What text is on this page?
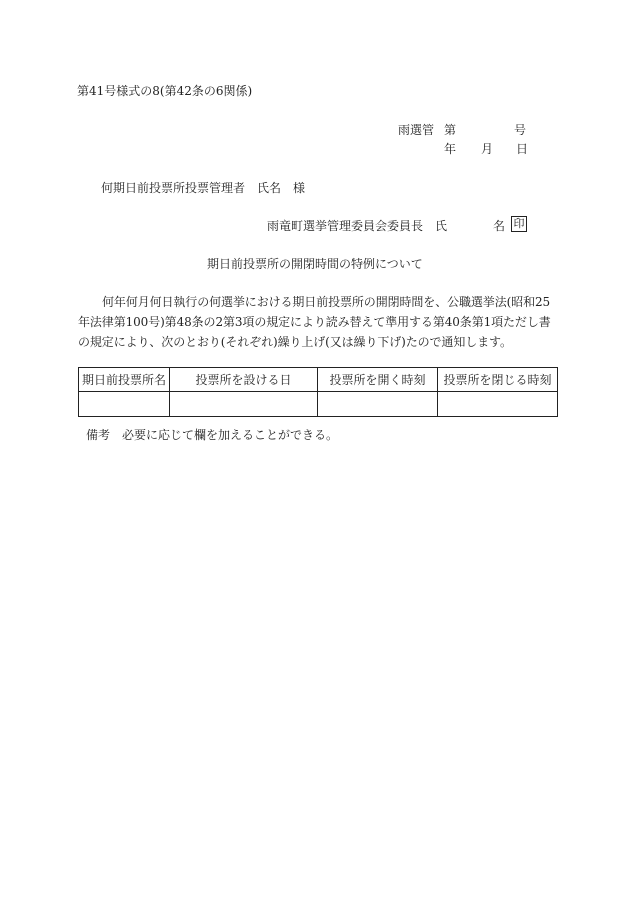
第41号様式の8(第42条の6関係)
雨選管 第	号
年 月 日
何期日前投票所投票管理者　氏名　様
雨竜町選挙管理委員会委員長　氏	名 印
期日前投票所の開閉時間の特例について
何年何月何日執行の何選挙における期日前投票所の開閉時間を、公職選挙法(昭和25年法律第100号)第48条の2第3項の規定により読み替えて準用する第40条第1項ただし書の規定により、次のとおり(それぞれ)繰り上げ(又は繰り下げ)たので通知します。
期日前投票所名	投票所を設ける日	投票所を開く時刻	投票所を閉じる時刻

備考　必要に応じて欄を加えることができる。
